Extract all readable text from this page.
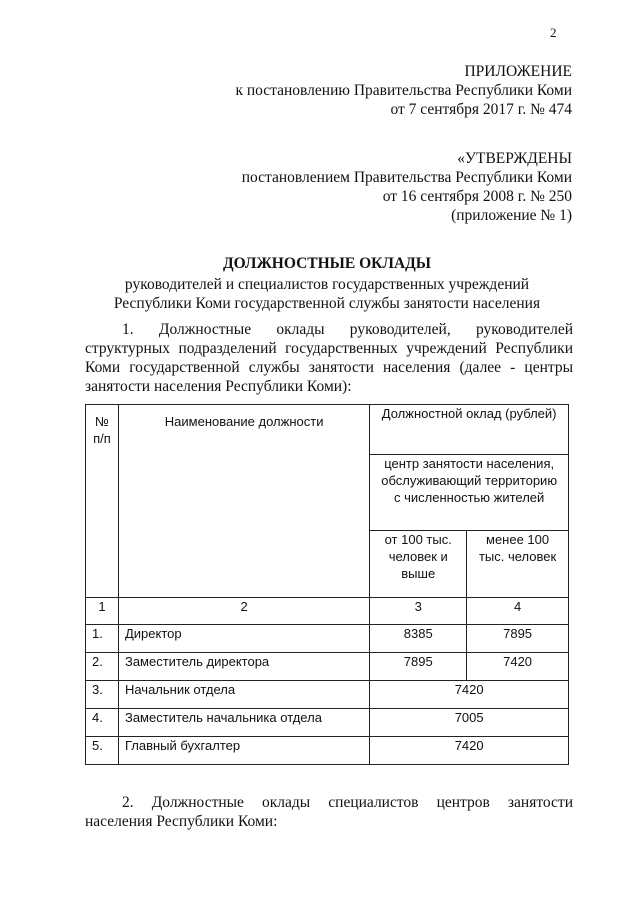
2
ПРИЛОЖЕНИЕ
к постановлению Правительства Республики Коми
от 7 сентября 2017 г. № 474
«УТВЕРЖДЕНЫ
постановлением Правительства Республики Коми
от 16 сентября 2008 г. № 250
(приложение № 1)
ДОЛЖНОСТНЫЕ ОКЛАДЫ
руководителей и специалистов государственных учреждений
Республики Коми государственной службы занятости населения
1. Должностные оклады руководителей, руководителей структурных подразделений государственных учреждений Республики Коми государственной службы занятости населения (далее - центры занятости населения Республики Коми):
№ п/п	Наименование должности	Должностной оклад (рублей)	
		центр занятости населения, обслуживающий территорию с численностью жителей	
		от 100 тыс. человек и выше	менее 100 тыс. человек
1	2	3	4
1.	Директор	8385	7895
2.	Заместитель директора	7895	7420
3.	Начальник отдела	7420	
4.	Заместитель начальника отдела	7005	
5.	Главный бухгалтер	7420	
2. Должностные оклады специалистов центров занятости населения Республики Коми:
